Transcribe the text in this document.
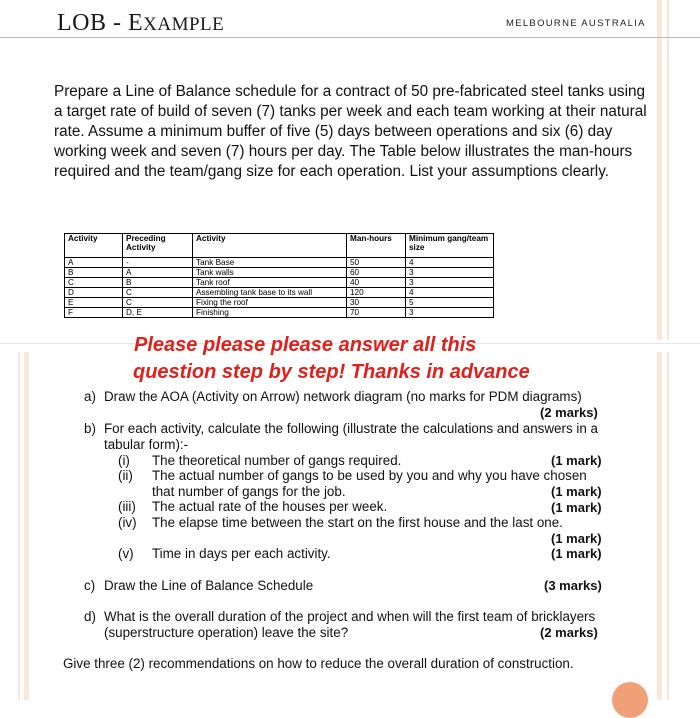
LOB - EXAMPLE	MELBOURNE AUSTRALIA
Prepare a Line of Balance schedule for a contract of 50 pre-fabricated steel tanks using a target rate of build of seven (7) tanks per week and each team working at their natural rate. Assume a minimum buffer of five (5) days between operations and six (6) day working week and seven (7) hours per day. The Table below illustrates the man-hours required and the team/gang size for each operation. List your assumptions clearly.
Activity	Preceding Activity	Activity	Man-hours	Minimum gang/team size
A	-	Tank Base	50	4
B	A	Tank walls	60	3
C	B	Tank roof	40	3
D	C	Assembling tank base to its wall	120	4
E	C	Fixing the roof	30	5
F	D, E	Finishing	70	3
Please please please answer all this
question step by step! Thanks in advance
a) Draw the AOA (Activity on Arrow) network diagram (no marks for PDM diagrams)
(2 marks)
b) For each activity, calculate the following (illustrate the calculations and answers in a tabular form):-
(i) The theoretical number of gangs required.	(1 mark)
(ii) The actual number of gangs to be used by you and why you have chosen that number of gangs for the job.	(1 mark)
(iii) The actual rate of the houses per week.	(1 mark)
(iv) The elapse time between the start on the first house and the last one.
(1 mark)
(v) Time in days per each activity.	(1 mark)
c) Draw the Line of Balance Schedule	(3 marks)
d) What is the overall duration of the project and when will the first team of bricklayers (superstructure operation) leave the site?	(2 marks)
Give three (2) recommendations on how to reduce the overall duration of construction.
